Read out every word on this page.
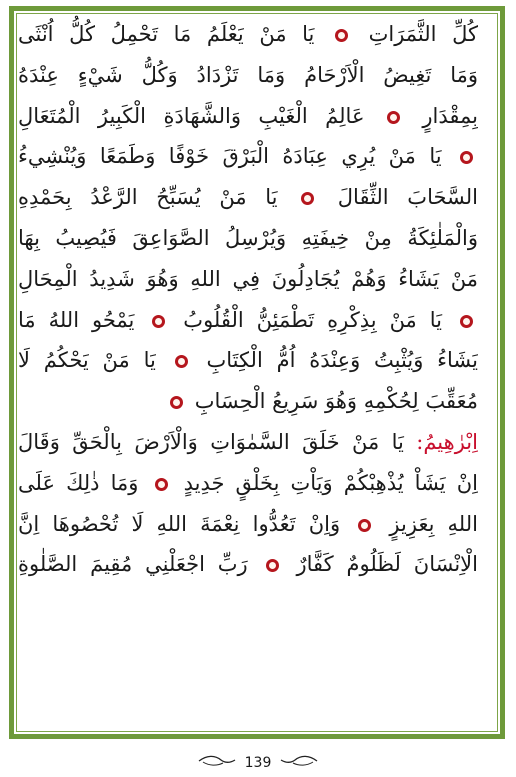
كُلِّ الثَّمَرَاتِ  يَا مَنْ يَعْلَمُ مَا تَحْمِلُ كُلُّ اُنْثَى
وَمَا تَغِيضُ الْاَرْحَامُ وَمَا تَزْدَادُ وَكُلُّ شَيْءٍ عِنْدَهُ
بِمِقْدَارٍ  عَالِمُ الْغَيْبِ وَالشَّهَادَةِ الْكَبِيرُ الْمُتَعَالِ
يَا مَنْ يُرِي عِبَادَهُ الْبَرْقَ خَوْفًا وَطَمَعًا وَيُنْشِيءُ
السَّحَابَ الثِّقَالَ  يَا مَنْ يُسَبِّحُ الرَّعْدُ بِحَمْدِهِ
وَالْمَلٰئِكَةُ مِنْ خِيفَتِهِ وَيُرْسِلُ الصَّوَاعِقَ فَيُصِيبُ بِهَا
مَنْ يَشَاءُ وَهُمْ يُجَادِلُونَ فِي اللهِ وَهُوَ شَدِيدُ الْمِحَالِ
يَا مَنْ بِذِكْرِهِ تَطْمَئِنُّ الْقُلُوبُ  يَمْحُو اللهُ مَا
يَشَاءُ وَيُثْبِتُ وَعِنْدَهُ اُمُّ الْكِتَابِ  يَا مَنْ يَحْكُمُ لَا
مُعَقِّبَ لِحُكْمِهِ وَهُوَ سَرِيعُ الْحِسَابِ
اِبْرٰهِيمُ: يَا مَنْ خَلَقَ السَّمٰوَاتِ وَالْاَرْضَ بِالْحَقِّ وَقَالَ
اِنْ يَشَاْ يُذْهِبْكُمْ وَيَاْتِ بِخَلْقٍ جَدِيدٍ  وَمَا ذٰلِكَ عَلَى
اللهِ بِعَزِيزٍ  وَاِنْ تَعُدُّوا نِعْمَةَ اللهِ لَا تُحْصُوهَا اِنَّ
الْاِنْسَانَ لَظَلُومٌ كَفَّارٌ  رَبِّ اجْعَلْنِي مُقِيمَ الصَّلٰوةِ
139
